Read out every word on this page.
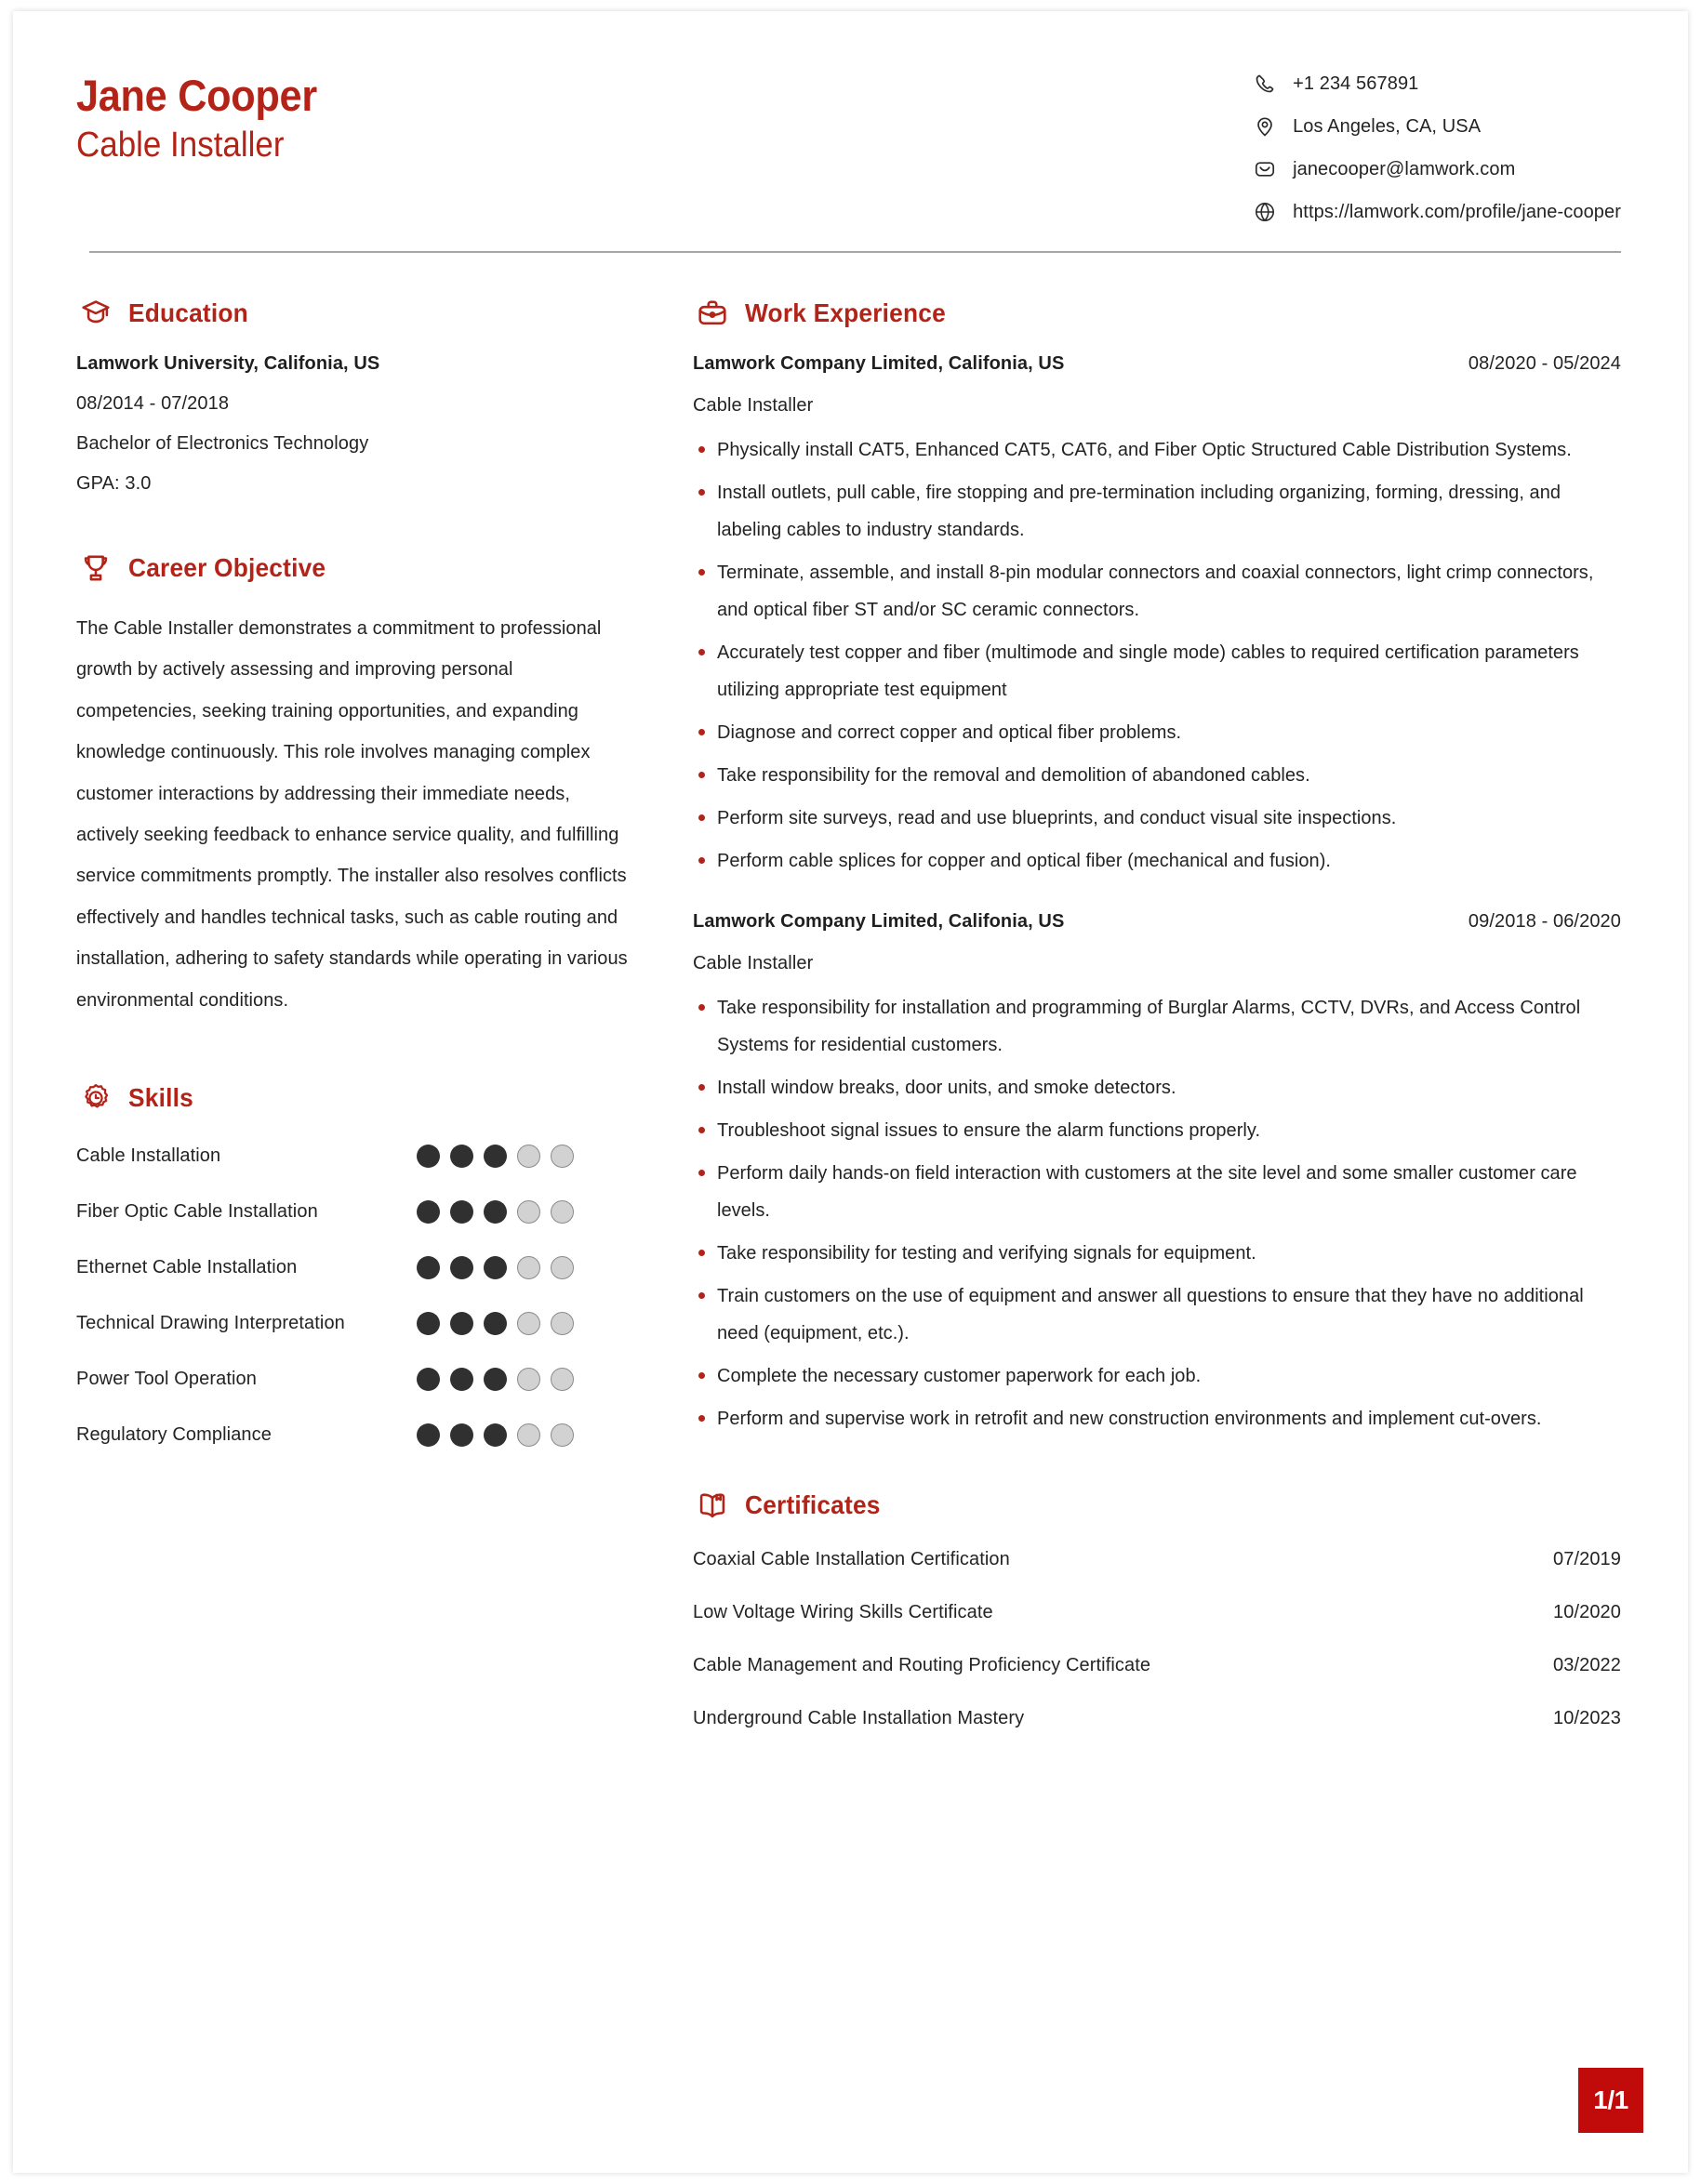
Jane Cooper
Cable Installer
+1 234 567891
Los Angeles, CA, USA
janecooper@lamwork.com
https://lamwork.com/profile/jane-cooper
Education
Lamwork University, Califonia, US
08/2014 - 07/2018
Bachelor of Electronics Technology
GPA: 3.0
Career Objective
The Cable Installer demonstrates a commitment to professional growth by actively assessing and improving personal competencies, seeking training opportunities, and expanding knowledge continuously. This role involves managing complex customer interactions by addressing their immediate needs, actively seeking feedback to enhance service quality, and fulfilling service commitments promptly. The installer also resolves conflicts effectively and handles technical tasks, such as cable routing and installation, adhering to safety standards while operating in various environmental conditions.
Skills
Cable Installation
Fiber Optic Cable Installation
Ethernet Cable Installation
Technical Drawing Interpretation
Power Tool Operation
Regulatory Compliance
Work Experience
Lamwork Company Limited, Califonia, US	08/2020 - 05/2024
Cable Installer
Physically install CAT5, Enhanced CAT5, CAT6, and Fiber Optic Structured Cable Distribution Systems.
Install outlets, pull cable, fire stopping and pre-termination including organizing, forming, dressing, and labeling cables to industry standards.
Terminate, assemble, and install 8-pin modular connectors and coaxial connectors, light crimp connectors, and optical fiber ST and/or SC ceramic connectors.
Accurately test copper and fiber (multimode and single mode) cables to required certification parameters utilizing appropriate test equipment
Diagnose and correct copper and optical fiber problems.
Take responsibility for the removal and demolition of abandoned cables.
Perform site surveys, read and use blueprints, and conduct visual site inspections.
Perform cable splices for copper and optical fiber (mechanical and fusion).
Lamwork Company Limited, Califonia, US	09/2018 - 06/2020
Cable Installer
Take responsibility for installation and programming of Burglar Alarms, CCTV, DVRs, and Access Control Systems for residential customers.
Install window breaks, door units, and smoke detectors.
Troubleshoot signal issues to ensure the alarm functions properly.
Perform daily hands-on field interaction with customers at the site level and some smaller customer care levels.
Take responsibility for testing and verifying signals for equipment.
Train customers on the use of equipment and answer all questions to ensure that they have no additional need (equipment, etc.).
Complete the necessary customer paperwork for each job.
Perform and supervise work in retrofit and new construction environments and implement cut-overs.
Certificates
Coaxial Cable Installation Certification	07/2019
Low Voltage Wiring Skills Certificate	10/2020
Cable Management and Routing Proficiency Certificate	03/2022
Underground Cable Installation Mastery	10/2023
1/1
